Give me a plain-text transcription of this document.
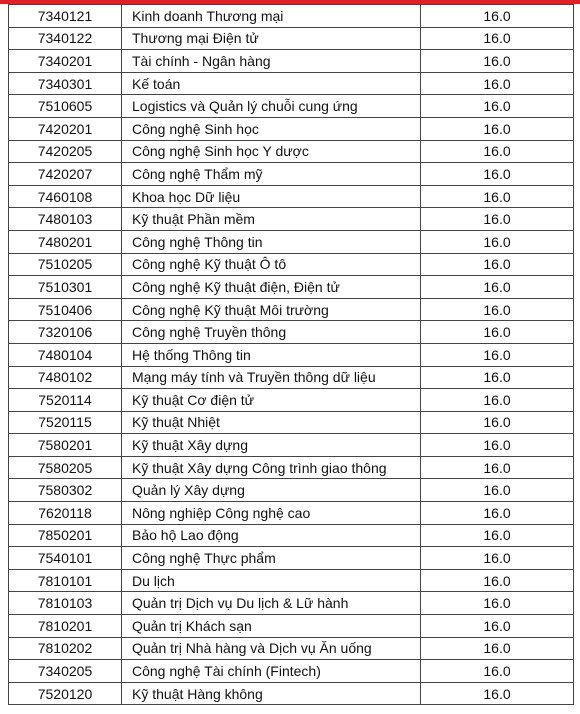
7340121	Kinh doanh Thương mại	16.0
7340122	Thương mại Điện tử	16.0
7340201	Tài chính - Ngân hàng	16.0
7340301	Kế toán	16.0
7510605	Logistics và Quản lý chuỗi cung ứng	16.0
7420201	Công nghệ Sinh học	16.0
7420205	Công nghệ Sinh học Y dược	16.0
7420207	Công nghệ Thẩm mỹ	16.0
7460108	Khoa học Dữ liệu	16.0
7480103	Kỹ thuật Phần mềm	16.0
7480201	Công nghệ Thông tin	16.0
7510205	Công nghệ Kỹ thuật Ô tô	16.0
7510301	Công nghệ Kỹ thuật điện, Điện tử	16.0
7510406	Công nghệ Kỹ thuật Môi trường	16.0
7320106	Công nghệ Truyền thông	16.0
7480104	Hệ thống Thông tin	16.0
7480102	Mạng máy tính và Truyền thông dữ liệu	16.0
7520114	Kỹ thuật Cơ điện tử	16.0
7520115	Kỹ thuật Nhiệt	16.0
7580201	Kỹ thuật Xây dựng	16.0
7580205	Kỹ thuật Xây dựng Công trình giao thông	16.0
7580302	Quản lý Xây dựng	16.0
7620118	Nông nghiệp Công nghệ cao	16.0
7850201	Bảo hộ Lao động	16.0
7540101	Công nghệ Thực phẩm	16.0
7810101	Du lịch	16.0
7810103	Quản trị Dịch vụ Du lịch & Lữ hành	16.0
7810201	Quản trị Khách sạn	16.0
7810202	Quản trị Nhà hàng và Dịch vụ Ăn uống	16.0
7340205	Công nghệ Tài chính (Fintech)	16.0
7520120	Kỹ thuật Hàng không	16.0
